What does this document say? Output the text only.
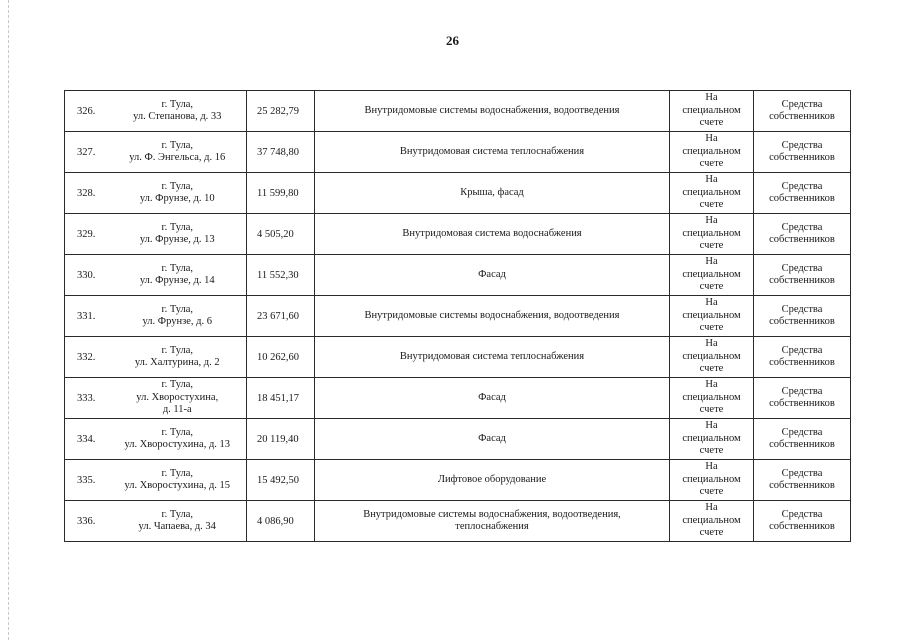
26
326.	г. Тула,
ул. Степанова, д. 33	25 282,79	Внутридомовые системы водоснабжения, водоотведения	На
специальном
счете	Средства
собственников

327.	г. Тула,
ул. Ф. Энгельса, д. 16	37 748,80	Внутридомовая система теплоснабжения	На
специальном
счете	Средства
собственников

328.	г. Тула,
ул. Фрунзе, д. 10	11 599,80	Крыша, фасад	На
специальном
счете	Средства
собственников

329.	г. Тула,
ул. Фрунзе, д. 13	4 505,20	Внутридомовая система водоснабжения	На
специальном
счете	Средства
собственников

330.	г. Тула,
ул. Фрунзе, д. 14	11 552,30	Фасад	На
специальном
счете	Средства
собственников

331.	г. Тула,
ул. Фрунзе, д. 6	23 671,60	Внутридомовые системы водоснабжения, водоотведения	На
специальном
счете	Средства
собственников

332.	г. Тула,
ул. Халтурина, д. 2	10 262,60	Внутридомовая система теплоснабжения	На
специальном
счете	Средства
собственников

333.	г. Тула,
ул. Хворостухина,
д. 11-а	18 451,17	Фасад	На
специальном
счете	Средства
собственников

334.	г. Тула,
ул. Хворостухина, д. 13	20 119,40	Фасад	На
специальном
счете	Средства
собственников

335.	г. Тула,
ул. Хворостухина, д. 15	15 492,50	Лифтовое оборудование	На
специальном
счете	Средства
собственников

336.	г. Тула,
ул. Чапаева, д. 34	4 086,90	Внутридомовые системы водоснабжения, водоотведения,
теплоснабжения	На
специальном
счете	Средства
собственников
